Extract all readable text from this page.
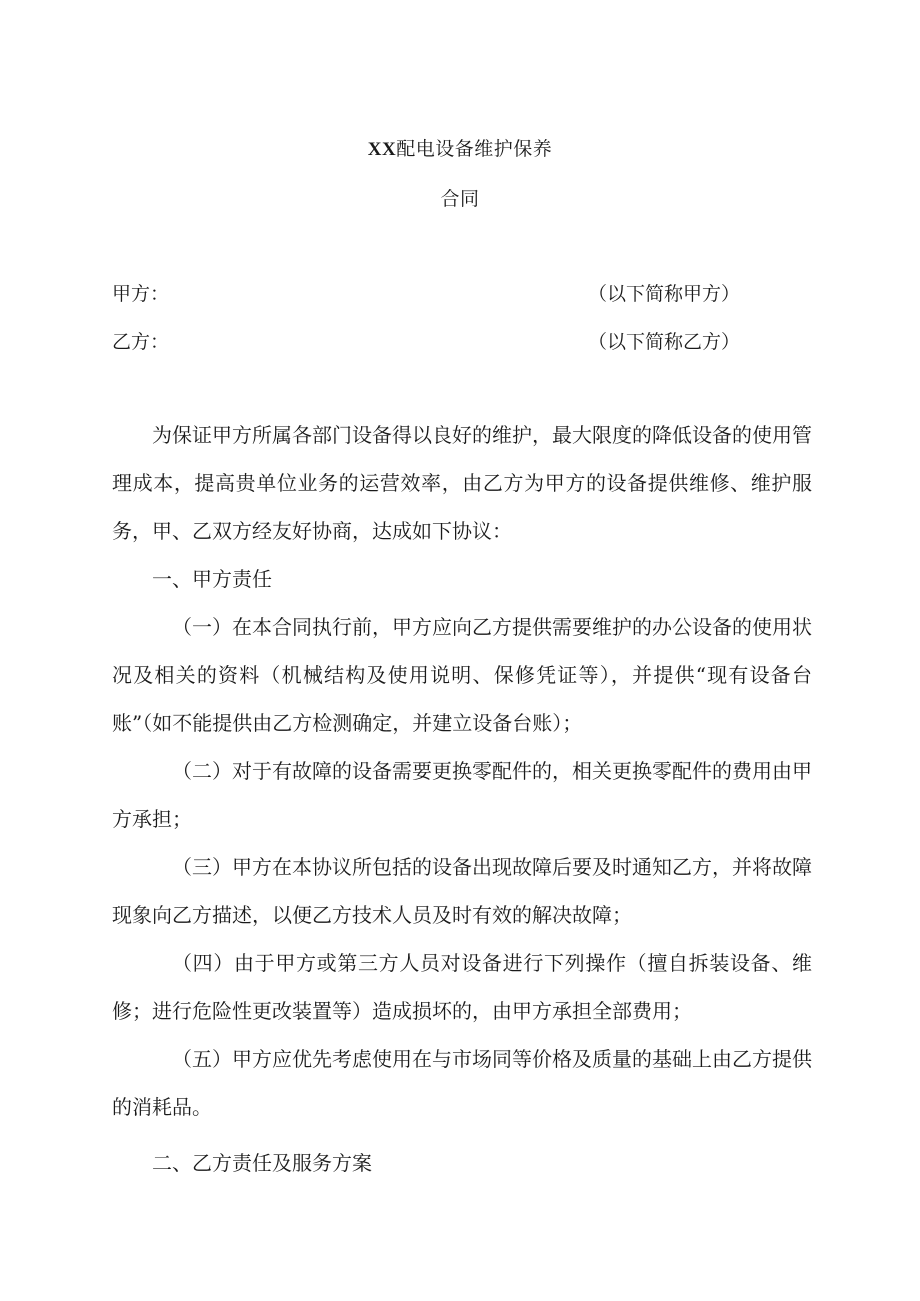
XX配电设备维护保养
合同
甲方：	（以下简称甲方）
乙方：	（以下简称乙方）

为保证甲方所属各部门设备得以良好的维护，最大限度的降低设备的使用管理成本，提高贵单位业务的运营效率，由乙方为甲方的设备提供维修、维护服务，甲、乙双方经友好协商，达成如下协议：

一、甲方责任

（一）在本合同执行前，甲方应向乙方提供需要维护的办公设备的使用状况及相关的资料（机械结构及使用说明、保修凭证等），并提供“现有设备台账”（如不能提供由乙方检测确定，并建立设备台账）；

（二）对于有故障的设备需要更换零配件的，相关更换零配件的费用由甲方承担；

（三）甲方在本协议所包括的设备出现故障后要及时通知乙方，并将故障现象向乙方描述，以便乙方技术人员及时有效的解决故障；

（四）由于甲方或第三方人员对设备进行下列操作（擅自拆装设备、维修；进行危险性更改装置等）造成损坏的，由甲方承担全部费用；

（五）甲方应优先考虑使用在与市场同等价格及质量的基础上由乙方提供的消耗品。

二、乙方责任及服务方案
